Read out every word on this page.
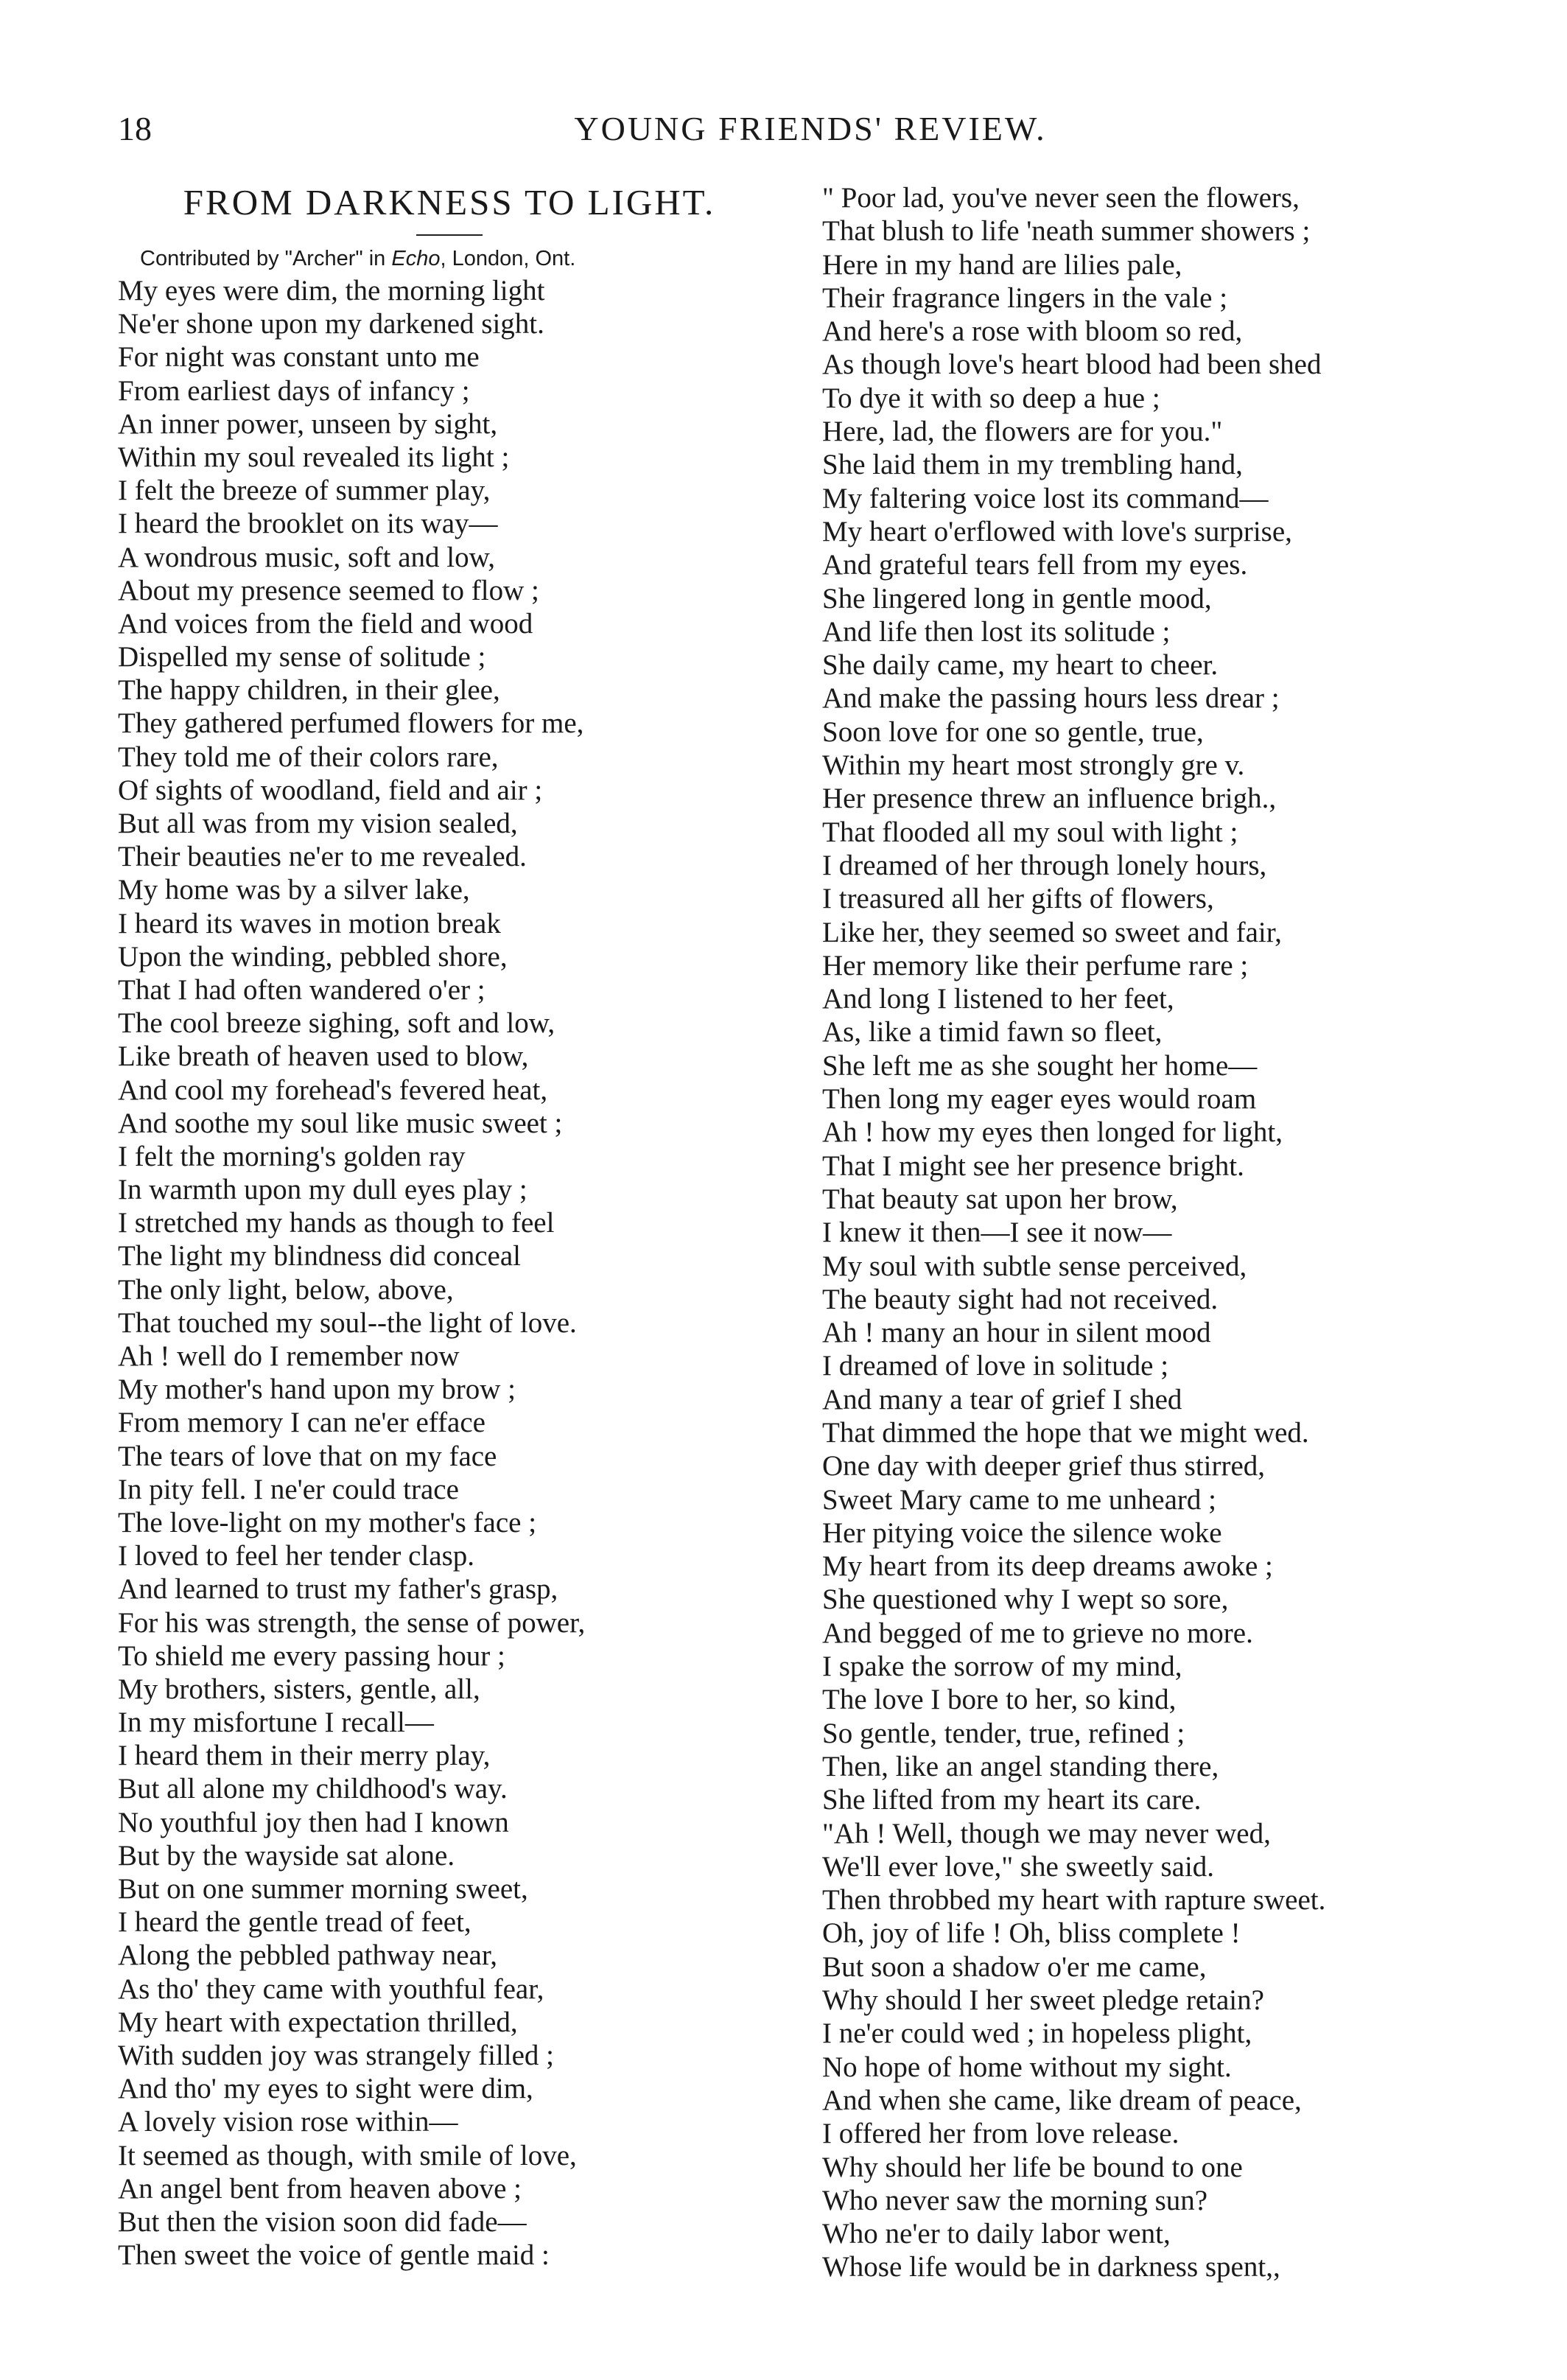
18	YOUNG FRIENDS' REVIEW.
FROM DARKNESS TO LIGHT.
Contributed by "Archer" in Echo, London, Ont.
My eyes were dim, the morning light
Ne'er shone upon my darkened sight.
For night was constant unto me
From earliest days of infancy ;
An inner power, unseen by sight,
Within my soul revealed its light ;
I felt the breeze of summer play,
I heard the brooklet on its way—
A wondrous music, soft and low,
About my presence seemed to flow ;
And voices from the field and wood
Dispelled my sense of solitude ;
The happy children, in their glee,
They gathered perfumed flowers for me,
They told me of their colors rare,
Of sights of woodland, field and air ;
But all was from my vision sealed,
Their beauties ne'er to me revealed.
My home was by a silver lake,
I heard its waves in motion break
Upon the winding, pebbled shore,
That I had often wandered o'er ;
The cool breeze sighing, soft and low,
Like breath of heaven used to blow,
And cool my forehead's fevered heat,
And soothe my soul like music sweet ;
I felt the morning's golden ray
In warmth upon my dull eyes play ;
I stretched my hands as though to feel
The light my blindness did conceal
The only light, below, above,
That touched my soul--the light of love.
Ah ! well do I remember now
My mother's hand upon my brow ;
From memory I can ne'er efface
The tears of love that on my face
In pity fell. I ne'er could trace
The love-light on my mother's face ;
I loved to feel her tender clasp.
And learned to trust my father's grasp,
For his was strength, the sense of power,
To shield me every passing hour ;
My brothers, sisters, gentle, all,
In my misfortune I recall—
I heard them in their merry play,
But all alone my childhood's way.
No youthful joy then had I known
But by the wayside sat alone.
But on one summer morning sweet,
I heard the gentle tread of feet,
Along the pebbled pathway near,
As tho' they came with youthful fear,
My heart with expectation thrilled,
With sudden joy was strangely filled ;
And tho' my eyes to sight were dim,
A lovely vision rose within—
It seemed as though, with smile of love,
An angel bent from heaven above ;
But then the vision soon did fade—
Then sweet the voice of gentle maid :
" Poor lad, you've never seen the flowers,
That blush to life 'neath summer showers ;
Here in my hand are lilies pale,
Their fragrance lingers in the vale ;
And here's a rose with bloom so red,
As though love's heart blood had been shed
To dye it with so deep a hue ;
Here, lad, the flowers are for you."
She laid them in my trembling hand,
My faltering voice lost its command—
My heart o'erflowed with love's surprise,
And grateful tears fell from my eyes.
She lingered long in gentle mood,
And life then lost its solitude ;
She daily came, my heart to cheer.
And make the passing hours less drear ;
Soon love for one so gentle, true,
Within my heart most strongly gre v.
Her presence threw an influence brigh.,
That flooded all my soul with light ;
I dreamed of her through lonely hours,
I treasured all her gifts of flowers,
Like her, they seemed so sweet and fair,
Her memory like their perfume rare ;
And long I listened to her feet,
As, like a timid fawn so fleet,
She left me as she sought her home—
Then long my eager eyes would roam
Ah ! how my eyes then longed for light,
That I might see her presence bright.
That beauty sat upon her brow,
I knew it then—I see it now—
My soul with subtle sense perceived,
The beauty sight had not received.
Ah ! many an hour in silent mood
I dreamed of love in solitude ;
And many a tear of grief I shed
That dimmed the hope that we might wed.
One day with deeper grief thus stirred,
Sweet Mary came to me unheard ;
Her pitying voice the silence woke
My heart from its deep dreams awoke ;
She questioned why I wept so sore,
And begged of me to grieve no more.
I spake the sorrow of my mind,
The love I bore to her, so kind,
So gentle, tender, true, refined ;
Then, like an angel standing there,
She lifted from my heart its care.
"Ah ! Well, though we may never wed,
We'll ever love," she sweetly said.
Then throbbed my heart with rapture sweet.
Oh, joy of life ! Oh, bliss complete !
But soon a shadow o'er me came,
Why should I her sweet pledge retain?
I ne'er could wed ; in hopeless plight,
No hope of home without my sight.
And when she came, like dream of peace,
I offered her from love release.
Why should her life be bound to one
Who never saw the morning sun?
Who ne'er to daily labor went,
Whose life would be in darkness spent,,
